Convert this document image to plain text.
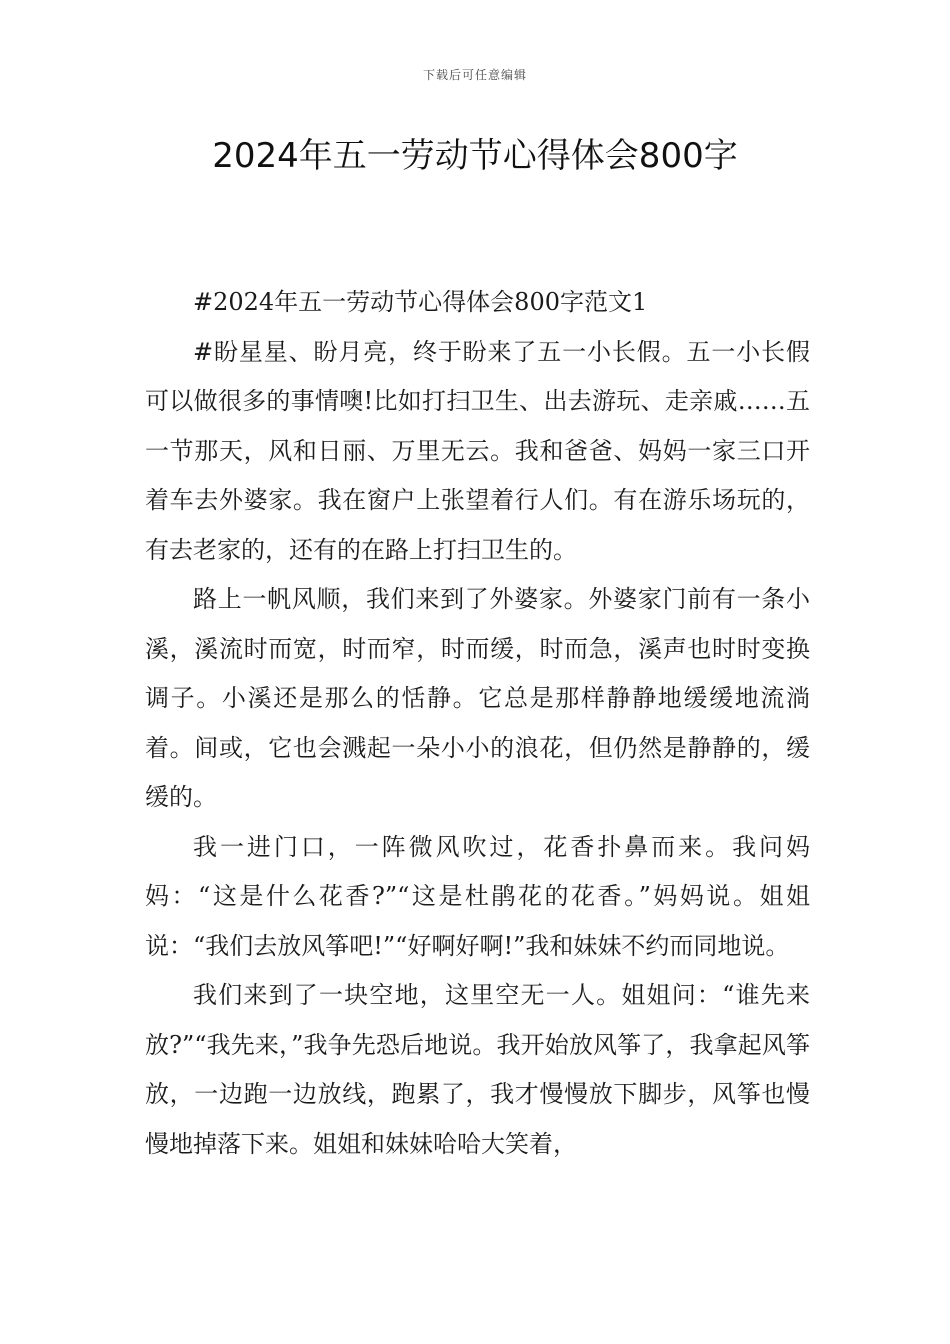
下载后可任意编辑
2024年五一劳动节心得体会800字

#2024年五一劳动节心得体会800字范文1

#盼星星、盼月亮，终于盼来了五一小长假。五一小长假可以做很多的事情噢!比如打扫卫生、出去游玩、走亲戚……五一节那天，风和日丽、万里无云。我和爸爸、妈妈一家三口开着车去外婆家。我在窗户上张望着行人们。有在游乐场玩的，有去老家的，还有的在路上打扫卫生的。

路上一帆风顺，我们来到了外婆家。外婆家门前有一条小溪，溪流时而宽，时而窄，时而缓，时而急，溪声也时时变换调子。小溪还是那么的恬静。它总是那样静静地缓缓地流淌着。间或，它也会溅起一朵小小的浪花，但仍然是静静的，缓缓的。

我一进门口，一阵微风吹过，花香扑鼻而来。我问妈妈：“这是什么花香?”“这是杜鹃花的花香。”妈妈说。姐姐说：“我们去放风筝吧!”“好啊好啊!”我和妹妹不约而同地说。

我们来到了一块空地，这里空无一人。姐姐问：“谁先来放?”“我先来，”我争先恐后地说。我开始放风筝了，我拿起风筝放，一边跑一边放线，跑累了，我才慢慢放下脚步，风筝也慢慢地掉落下来。姐姐和妹妹哈哈大笑着，
